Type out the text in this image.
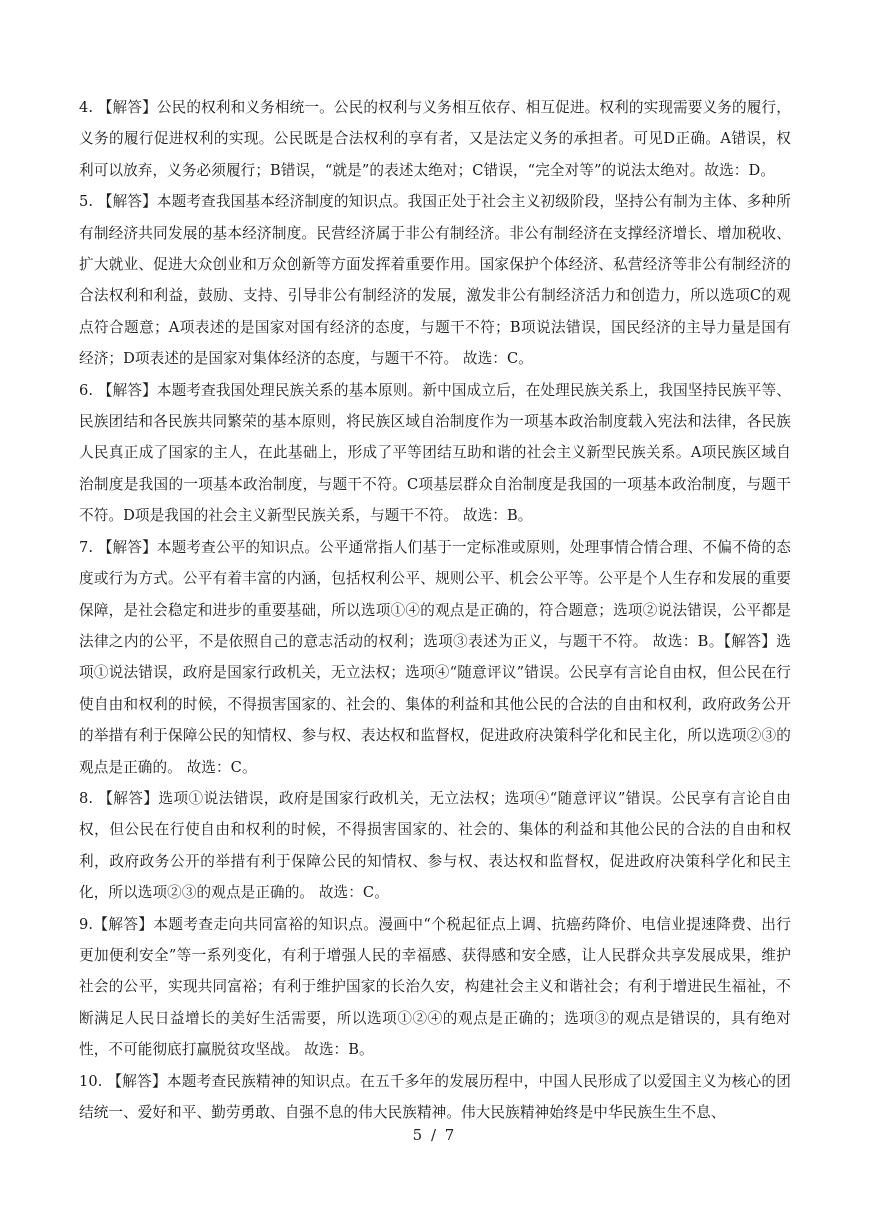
4. 【解答】公民的权利和义务相统一。公民的权利与义务相互依存、相互促进。权利的实现需要义务的履行，义务的履行促进权利的实现。公民既是合法权利的享有者，又是法定义务的承担者。可见D正确。A错误，权利可以放弃，义务必须履行；B错误，“就是”的表述太绝对；C错误，“完全对等”的说法太绝对。故选：D。

5. 【解答】本题考查我国基本经济制度的知识点。我国正处于社会主义初级阶段，坚持公有制为主体、多种所有制经济共同发展的基本经济制度。民营经济属于非公有制经济。非公有制经济在支撑经济增长、增加税收、扩大就业、促进大众创业和万众创新等方面发挥着重要作用。国家保护个体经济、私营经济等非公有制经济的合法权利和利益，鼓励、支持、引导非公有制经济的发展，激发非公有制经济活力和创造力，所以选项C的观点符合题意；A项表述的是国家对国有经济的态度，与题干不符；B项说法错误，国民经济的主导力量是国有经济；D项表述的是国家对集体经济的态度，与题干不符。 故选：C。

6. 【解答】本题考查我国处理民族关系的基本原则。新中国成立后，在处理民族关系上，我国坚持民族平等、民族团结和各民族共同繁荣的基本原则，将民族区域自治制度作为一项基本政治制度载入宪法和法律，各民族人民真正成了国家的主人，在此基础上，形成了平等团结互助和谐的社会主义新型民族关系。A项民族区域自治制度是我国的一项基本政治制度，与题干不符。C项基层群众自治制度是我国的一项基本政治制度，与题干不符。D项是我国的社会主义新型民族关系，与题干不符。 故选：B。

7. 【解答】本题考查公平的知识点。公平通常指人们基于一定标准或原则，处理事情合情合理、不偏不倚的态度或行为方式。公平有着丰富的内涵，包括权利公平、规则公平、机会公平等。公平是个人生存和发展的重要保障，是社会稳定和进步的重要基础，所以选项①④的观点是正确的，符合题意；选项②说法错误，公平都是法律之内的公平，不是依照自己的意志活动的权利；选项③表述为正义，与题干不符。 故选：B。【解答】选项①说法错误，政府是国家行政机关，无立法权；选项④“随意评议”错误。公民享有言论自由权，但公民在行使自由和权利的时候，不得损害国家的、社会的、集体的利益和其他公民的合法的自由和权利，政府政务公开的举措有利于保障公民的知情权、参与权、表达权和监督权，促进政府决策科学化和民主化，所以选项②③的观点是正确的。 故选：C。

8. 【解答】选项①说法错误，政府是国家行政机关，无立法权；选项④“随意评议”错误。公民享有言论自由权，但公民在行使自由和权利的时候，不得损害国家的、社会的、集体的利益和其他公民的合法的自由和权利，政府政务公开的举措有利于保障公民的知情权、参与权、表达权和监督权，促进政府决策科学化和民主化，所以选项②③的观点是正确的。 故选：C。

9.【解答】本题考查走向共同富裕的知识点。漫画中“个税起征点上调、抗癌药降价、电信业提速降费、出行更加便利安全”等一系列变化，有利于增强人民的幸福感、获得感和安全感，让人民群众共享发展成果，维护社会的公平，实现共同富裕；有利于维护国家的长治久安，构建社会主义和谐社会；有利于增进民生福祉，不断满足人民日益增长的美好生活需要，所以选项①②④的观点是正确的；选项③的观点是错误的，具有绝对性，不可能彻底打赢脱贫攻坚战。 故选：B。

10. 【解答】本题考查民族精神的知识点。在五千多年的发展历程中，中国人民形成了以爱国主义为核心的团结统一、爱好和平、勤劳勇敢、自强不息的伟大民族精神。伟大民族精神始终是中华民族生生不息、

5 / 7
